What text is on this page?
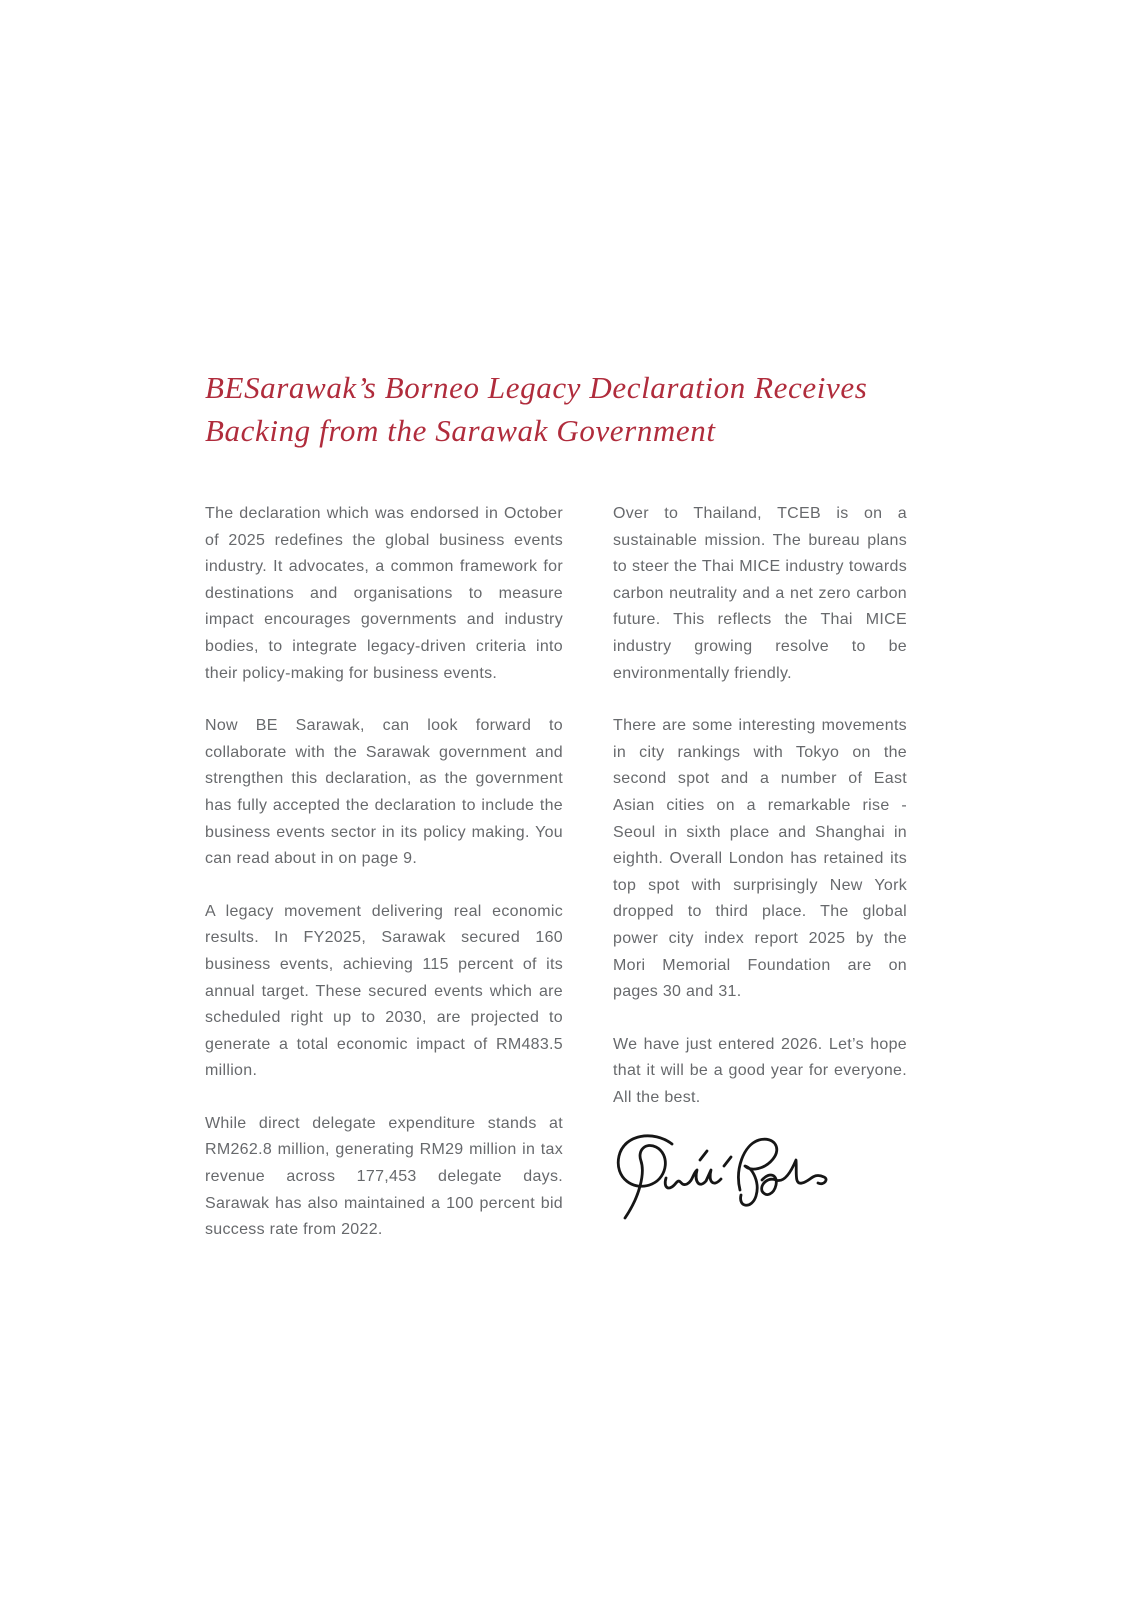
BESarawak’s Borneo Legacy Declaration Receives
Backing from the Sarawak Government

The declaration which was endorsed in October of 2025 redefines the global business events industry. It advocates, a common framework for destinations and organisations to measure impact encourages governments and industry bodies, to integrate legacy-driven criteria into their policy-making for business events.

Now BE Sarawak, can look forward to collaborate with the Sarawak government and strengthen this declaration, as the government has fully accepted the declaration to include the business events sector in its policy making. You can read about in on page 9.

A legacy movement delivering real economic results. In FY2025, Sarawak secured 160 business events, achieving 115 percent of its annual target. These secured events which are scheduled right up to 2030, are projected to generate a total economic impact of RM483.5 million.

While direct delegate expenditure stands at RM262.8 million, generating RM29 million in tax revenue across 177,453 delegate days. Sarawak has also maintained a 100 percent bid success rate from 2022.

Over to Thailand, TCEB is on a sustainable mission. The bureau plans to steer the Thai MICE industry towards carbon neutrality and a net zero carbon future. This reflects the Thai MICE industry growing resolve to be environmentally friendly.

There are some interesting movements in city rankings with Tokyo on the second spot and a number of East Asian cities on a remarkable rise - Seoul in sixth place and Shanghai in eighth. Overall London has retained its top spot with surprisingly New York dropped to third place. The global power city index report 2025 by the Mori Memorial Foundation are on pages 30 and 31.

We have just entered 2026. Let’s hope that it will be a good year for everyone. All the best.
